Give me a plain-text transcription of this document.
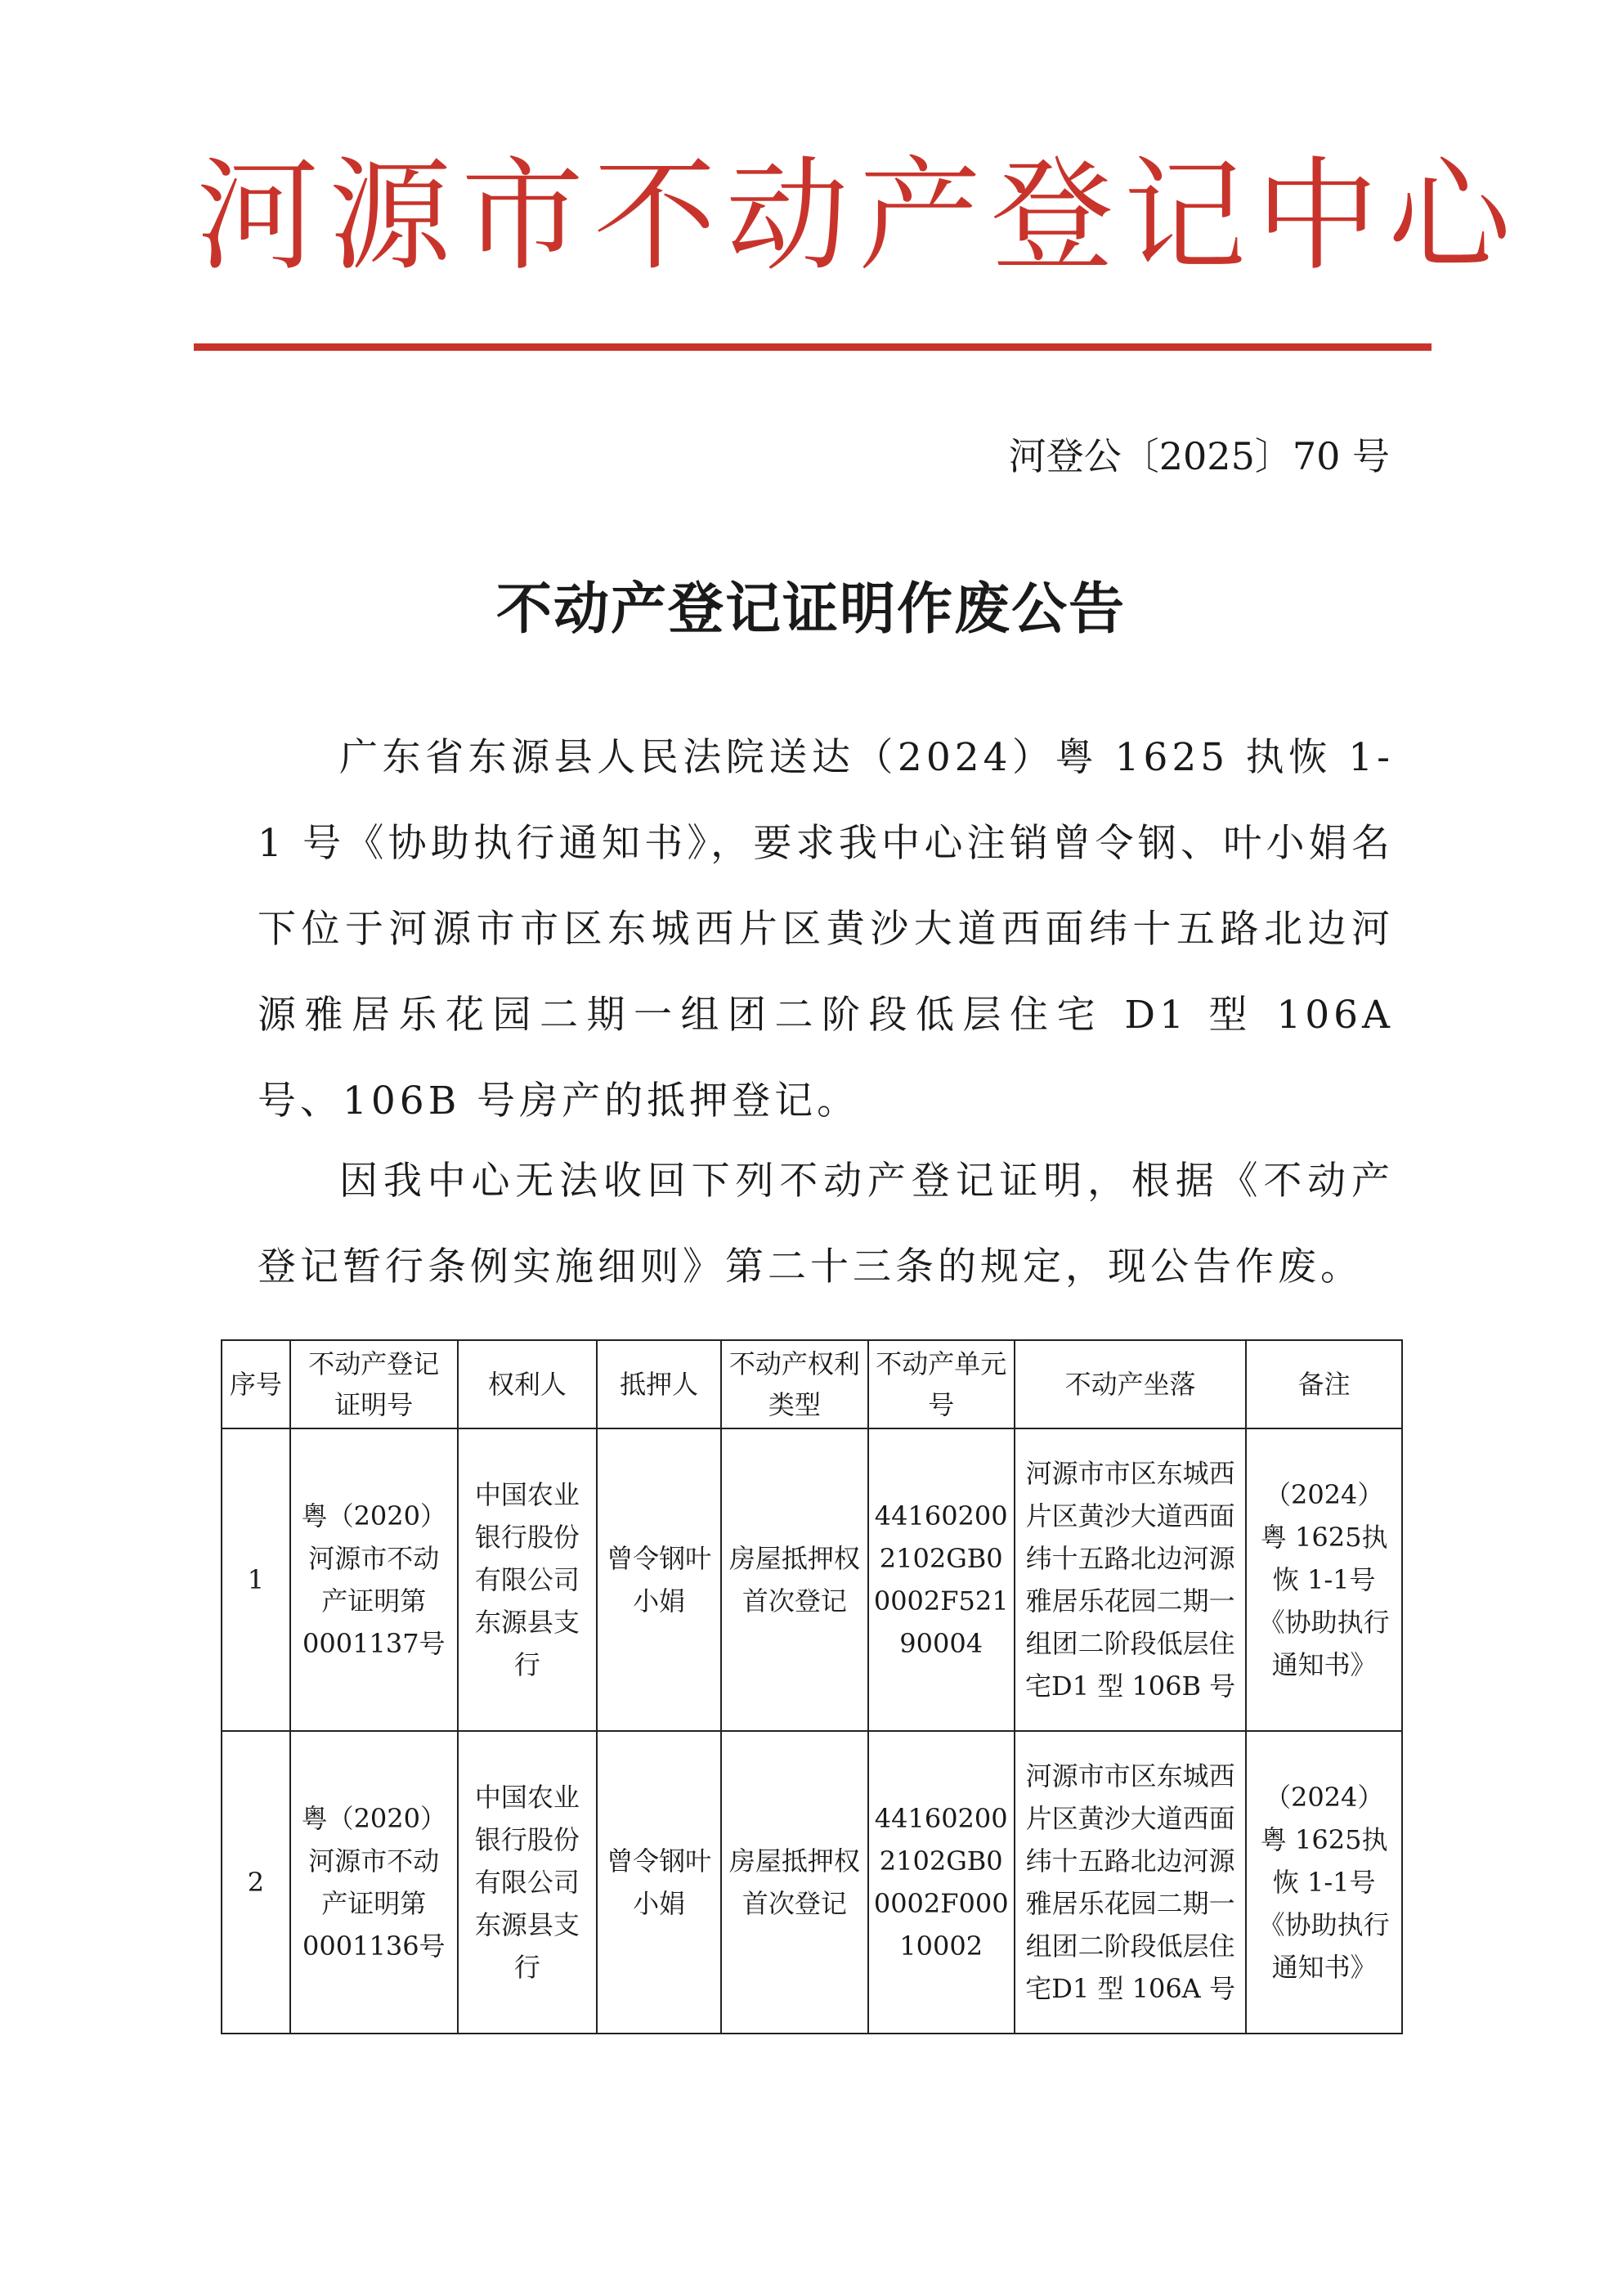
河 源 市 不 动 产 登 记 中 心
河登公〔2025〕70 号
不动产登记证明作废公告
广东省东源县人民法院送达（2024）粤 1625 执恢 1-1 号《协助执行通知书》，要求我中心注销曾令钢、叶小娟名下位于河源市市区东城西片区黄沙大道西面纬十五路北边河源雅居乐花园二期一组团二阶段低层住宅 D1 型 106A 号、106B 号房产的抵押登记。
因我中心无法收回下列不动产登记证明，根据《不动产登记暂行条例实施细则》第二十三条的规定，现公告作废。
序号	不动产登记证明号	权利人	抵押人	不动产权利类型	不动产单元号	不动产坐落	备注
1	粤（2020）河源市不动产证明第0001137号	中国农业银行股份有限公司东源县支行	曾令钢叶小娟	房屋抵押权首次登记	441602002102GB00002F52190004	河源市市区东城西片区黄沙大道西面纬十五路北边河源雅居乐花园二期一组团二阶段低层住宅D1 型 106B 号	（2024）粤 1625执恢 1-1号《协助执行通知书》
2	粤（2020）河源市不动产证明第0001136号	中国农业银行股份有限公司东源县支行	曾令钢叶小娟	房屋抵押权首次登记	441602002102GB00002F00010002	河源市市区东城西片区黄沙大道西面纬十五路北边河源雅居乐花园二期一组团二阶段低层住宅D1 型 106A 号	（2024）粤 1625执恢 1-1号《协助执行通知书》
